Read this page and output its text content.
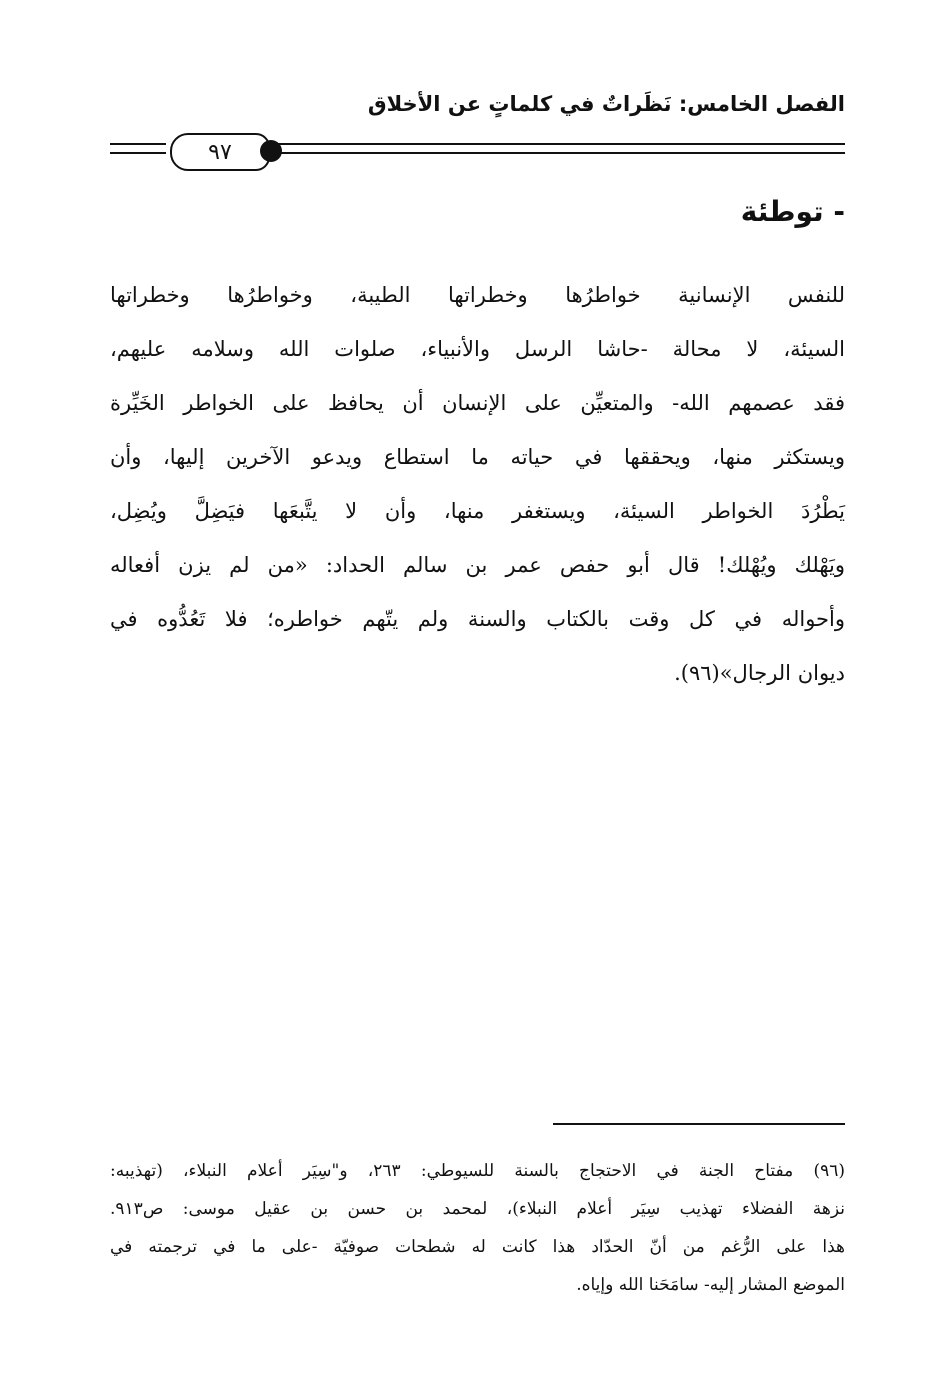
الفصل الخامس: نَظَراتٌ في كلماتٍ عن الأخلاق
٩٧
- توطئة
للنفس الإنسانية خواطرُها وخطراتها الطيبة، وخواطرُها وخطراتها
السيئة، لا محالة -حاشا الرسل والأنبياء، صلوات الله وسلامه عليهم،
فقد عصمهم الله- والمتعيِّن على الإنسان أن يحافظ على الخواطر الخَيِّرة
ويستكثر منها، ويحققها في حياته ما استطاع ويدعو الآخرين إليها، وأن
يَطْرُدَ الخواطر السيئة، ويستغفر منها، وأن لا يتَّبعَها فيَضِلَّ ويُضِل،
ويَهْلك ويُهْلك! قال أبو حفص عمر بن سالم الحداد: «من لم يزن أفعاله
وأحواله في كل وقت بالكتاب والسنة ولم يتّهم خواطره؛ فلا تَعُدُّوه في
ديوان الرجال»(٩٦).
(٩٦) مفتاح الجنة في الاحتجاج بالسنة للسيوطي: ٢٦٣، و"سِيَر أعلام النبلاء، (تهذيبه:
نزهة الفضلاء تهذيب سِيَر أعلام النبلاء)، لمحمد بن حسن بن عقيل موسى: ص٩١٣.
هذا على الرُّغم من أنّ الحدّاد هذا كانت له شطحات صوفيّة -على ما في ترجمته في
الموضع المشار إليه- سامَحَنا الله وإياه.
